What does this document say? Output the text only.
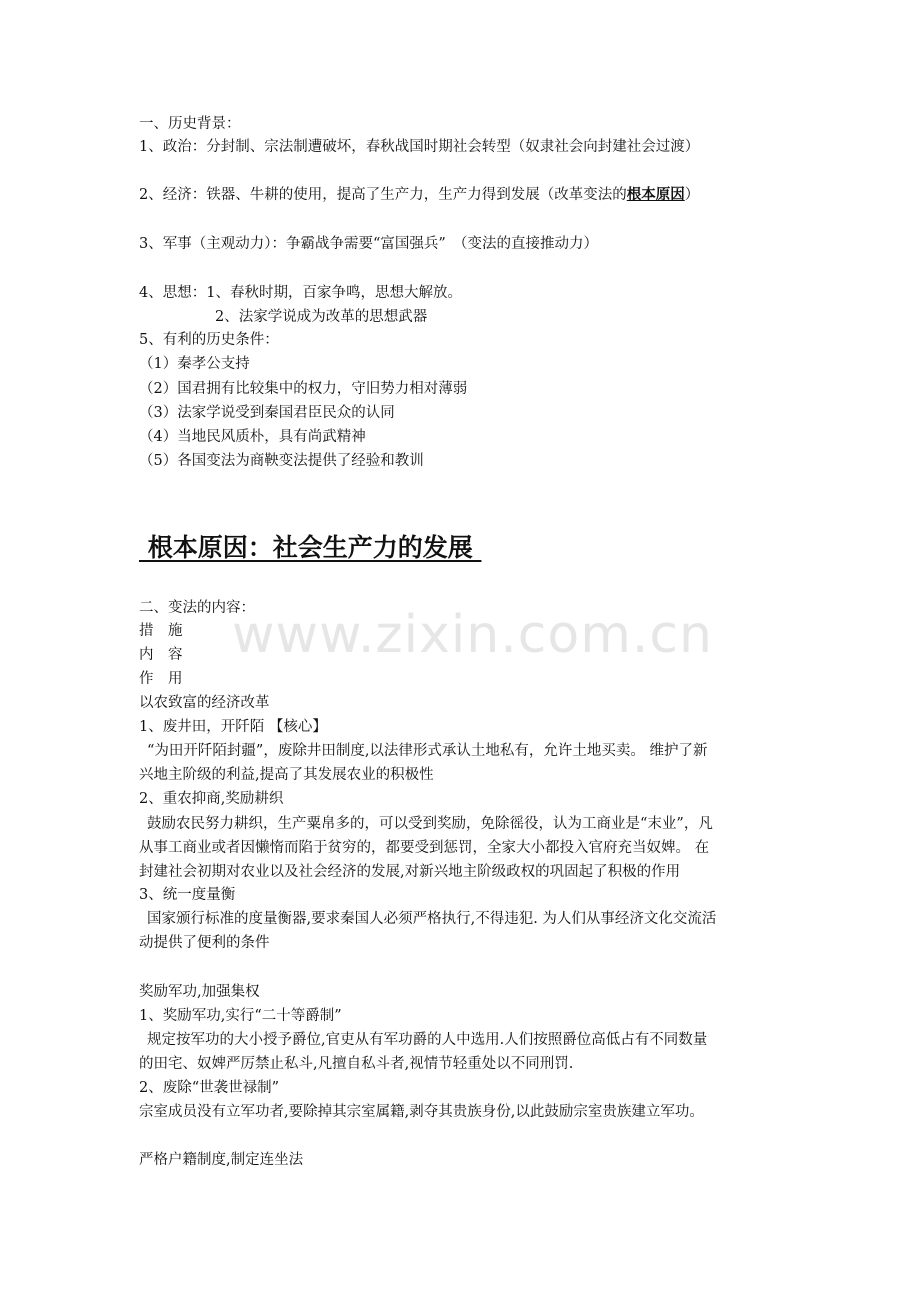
www.zixin.com.cn
一、历史背景：
1、政治：分封制、宗法制遭破坏，春秋战国时期社会转型（奴隶社会向封建社会过渡）
2、经济：铁器、牛耕的使用，提高了生产力，生产力得到发展（改革变法的根本原因）
3、军事（主观动力）：争霸战争需要“富国强兵”　（变法的直接推动力）
4、思想：1、春秋时期，百家争鸣，思想大解放。
2、法家学说成为改革的思想武器
5、有利的历史条件：
（1）秦孝公支持
（2）国君拥有比较集中的权力，守旧势力相对薄弱
（3）法家学说受到秦国君臣民众的认同
（4）当地民风质朴，具有尚武精神
（5）各国变法为商鞅变法提供了经验和教训
根本原因：社会生产力的发展
二、变法的内容：
措　施
内　容
作　用
以农致富的经济改革
1、废井田，开阡陌 【核心】
“为田开阡陌封疆”，废除井田制度,以法律形式承认土地私有，允许土地买卖。 维护了新
兴地主阶级的利益,提高了其发展农业的积极性
2、重农抑商,奖励耕织
鼓励农民努力耕织，生产粟帛多的，可以受到奖励，免除徭役，认为工商业是“末业”，凡
从事工商业或者因懒惰而陷于贫穷的，都要受到惩罚，全家大小都投入官府充当奴婢。 在
封建社会初期对农业以及社会经济的发展,对新兴地主阶级政权的巩固起了积极的作用
3、统一度量衡
国家颁行标准的度量衡器,要求秦国人必须严格执行,不得违犯. 为人们从事经济文化交流活
动提供了便利的条件
奖励军功,加强集权
1、奖励军功,实行“二十等爵制”
规定按军功的大小授予爵位,官吏从有军功爵的人中选用.人们按照爵位高低占有不同数量
的田宅、奴婢严厉禁止私斗,凡擅自私斗者,视情节轻重处以不同刑罚.
2、废除“世袭世禄制”
宗室成员没有立军功者,要除掉其宗室属籍,剥夺其贵族身份,以此鼓励宗室贵族建立军功。
严格户籍制度,制定连坐法
